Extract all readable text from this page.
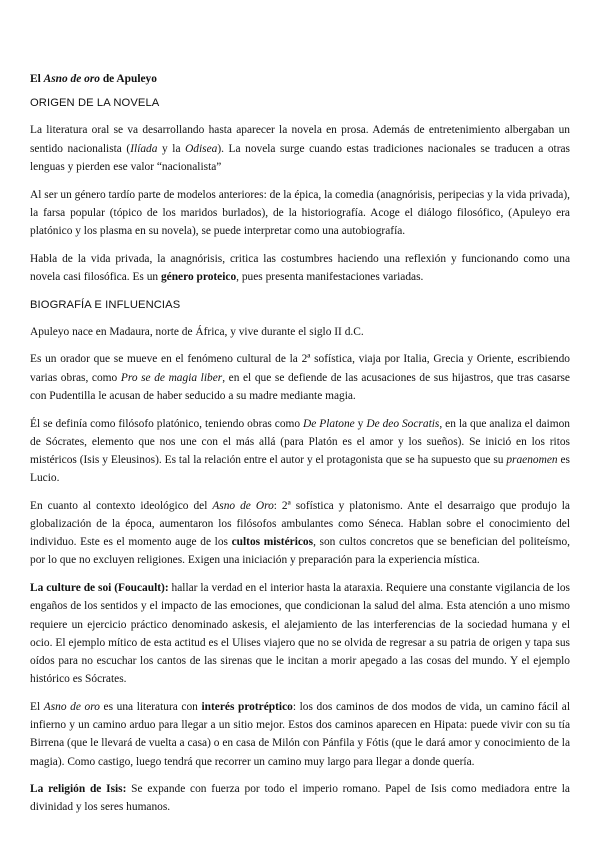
El Asno de oro de Apuleyo
ORIGEN DE LA NOVELA

La literatura oral se va desarrollando hasta aparecer la novela en prosa. Además de entretenimiento albergaban un sentido nacionalista (Ilíada y la Odisea). La novela surge cuando estas tradiciones nacionales se traducen a otras lenguas y pierden ese valor “nacionalista”

Al ser un género tardío parte de modelos anteriores: de la épica, la comedia (anagnórisis, peripecias y la vida privada), la farsa popular (tópico de los maridos burlados), de la historiografía. Acoge el diálogo filosófico, (Apuleyo era platónico y los plasma en su novela), se puede interpretar como una autobiografía.

Habla de la vida privada, la anagnórisis, critica las costumbres haciendo una reflexión y funcionando como una novela casi filosófica. Es un género proteico, pues presenta manifestaciones variadas.

BIOGRAFÍA E INFLUENCIAS

Apuleyo nace en Madaura, norte de África, y vive durante el siglo II d.C.

Es un orador que se mueve en el fenómeno cultural de la 2ª sofística, viaja por Italia, Grecia y Oriente, escribiendo varias obras, como Pro se de magia liber, en el que se defiende de las acusaciones de sus hijastros, que tras casarse con Pudentilla le acusan de haber seducido a su madre mediante magia.

Él se definía como filósofo platónico, teniendo obras como De Platone y De deo Socratis, en la que analiza el daimon de Sócrates, elemento que nos une con el más allá (para Platón es el amor y los sueños). Se inició en los ritos mistéricos (Isis y Eleusinos). Es tal la relación entre el autor y el protagonista que se ha supuesto que su praenomen es Lucio.

En cuanto al contexto ideológico del Asno de Oro: 2ª sofística y platonismo. Ante el desarraigo que produjo la globalización de la época, aumentaron los filósofos ambulantes como Séneca. Hablan sobre el conocimiento del individuo. Este es el momento auge de los cultos mistéricos, son cultos concretos que se benefician del politeísmo, por lo que no excluyen religiones. Exigen una iniciación y preparación para la experiencia mística.

La culture de soi (Foucault): hallar la verdad en el interior hasta la ataraxia. Requiere una constante vigilancia de los engaños de los sentidos y el impacto de las emociones, que condicionan la salud del alma. Esta atención a uno mismo requiere un ejercicio práctico denominado askesis, el alejamiento de las interferencias de la sociedad humana y el ocio. El ejemplo mítico de esta actitud es el Ulises viajero que no se olvida de regresar a su patria de origen y tapa sus oídos para no escuchar los cantos de las sirenas que le incitan a morir apegado a las cosas del mundo. Y el ejemplo histórico es Sócrates.

El Asno de oro es una literatura con interés protréptico: los dos caminos de dos modos de vida, un camino fácil al infierno y un camino arduo para llegar a un sitio mejor. Estos dos caminos aparecen en Hipata: puede vivir con su tía Birrena (que le llevará de vuelta a casa) o en casa de Milón con Pánfila y Fótis (que le dará amor y conocimiento de la magia). Como castigo, luego tendrá que recorrer un camino muy largo para llegar a donde quería.

La religión de Isis: Se expande con fuerza por todo el imperio romano. Papel de Isis como mediadora entre la divinidad y los seres humanos.
